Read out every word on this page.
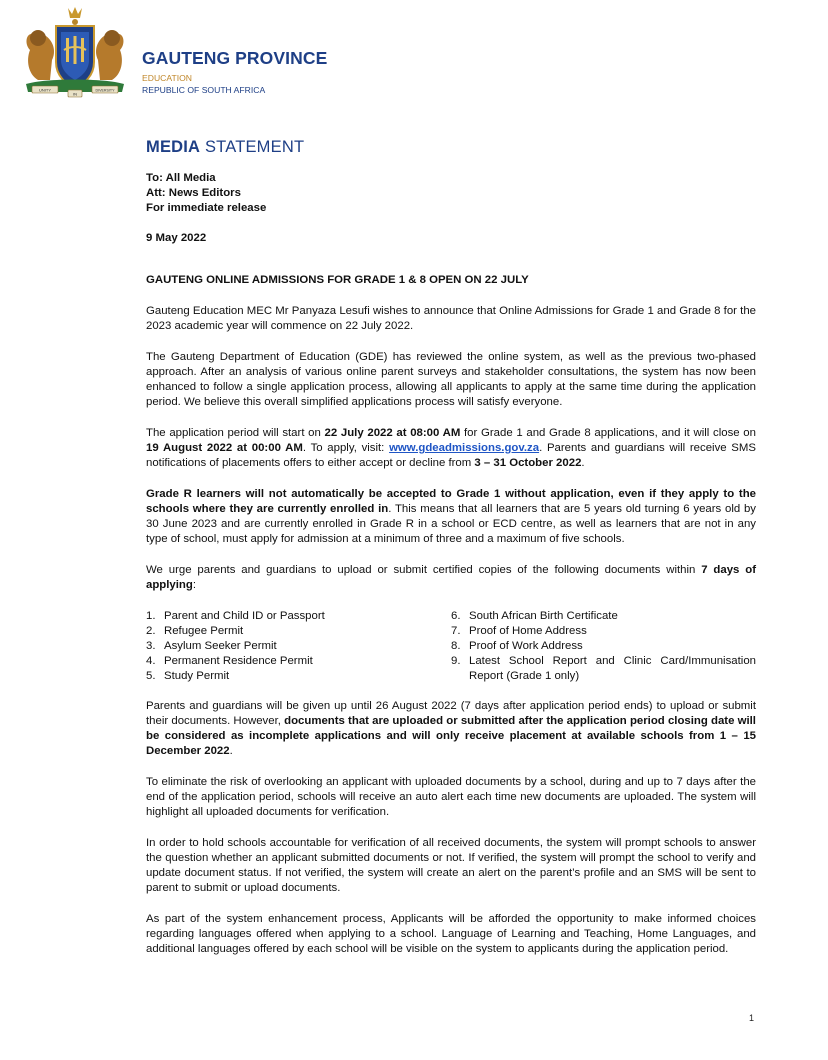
UNITY	DIVERSITY
IN
GAUTENG PROVINCE
EDUCATION
REPUBLIC OF SOUTH AFRICA
MEDIA STATEMENT
To: All Media
Att: News Editors
For immediate release

9 May 2022

GAUTENG ONLINE ADMISSIONS FOR GRADE 1 & 8 OPEN ON 22 JULY

Gauteng Education MEC Mr Panyaza Lesufi wishes to announce that Online Admissions for Grade 1 and Grade 8 for the 2023 academic year will commence on 22 July 2022.

The Gauteng Department of Education (GDE) has reviewed the online system, as well as the previous two-phased approach. After an analysis of various online parent surveys and stakeholder consultations, the system has now been enhanced to follow a single application process, allowing all applicants to apply at the same time during the application period. We believe this overall simplified applications process will satisfy everyone.

The application period will start on 22 July 2022 at 08:00 AM for Grade 1 and Grade 8 applications, and it will close on 19 August 2022 at 00:00 AM. To apply, visit: www.gdeadmissions.gov.za. Parents and guardians will receive SMS notifications of placements offers to either accept or decline from 3 – 31 October 2022.

Grade R learners will not automatically be accepted to Grade 1 without application, even if they apply to the schools where they are currently enrolled in. This means that all learners that are 5 years old turning 6 years old by 30 June 2023 and are currently enrolled in Grade R in a school or ECD centre, as well as learners that are not in any type of school, must apply for admission at a minimum of three and a maximum of five schools.

We urge parents and guardians to upload or submit certified copies of the following documents within 7 days of applying:

1. Parent and Child ID or Passport
2. Refugee Permit
3. Asylum Seeker Permit
4. Permanent Residence Permit
5. Study Permit
6. South African Birth Certificate
7. Proof of Home Address
8. Proof of Work Address
9. Latest School Report and Clinic Card/Immunisation Report (Grade 1 only)

Parents and guardians will be given up until 26 August 2022 (7 days after application period ends) to upload or submit their documents. However, documents that are uploaded or submitted after the application period closing date will be considered as incomplete applications and will only receive placement at available schools from 1 – 15 December 2022.

To eliminate the risk of overlooking an applicant with uploaded documents by a school, during and up to 7 days after the end of the application period, schools will receive an auto alert each time new documents are uploaded. The system will highlight all uploaded documents for verification.

In order to hold schools accountable for verification of all received documents, the system will prompt schools to answer the question whether an applicant submitted documents or not. If verified, the system will prompt the school to verify and update document status. If not verified, the system will create an alert on the parent’s profile and an SMS will be sent to parent to submit or upload documents.

As part of the system enhancement process, Applicants will be afforded the opportunity to make informed choices regarding languages offered when applying to a school. Language of Learning and Teaching, Home Languages, and additional languages offered by each school will be visible on the system to applicants during the application period.

1
